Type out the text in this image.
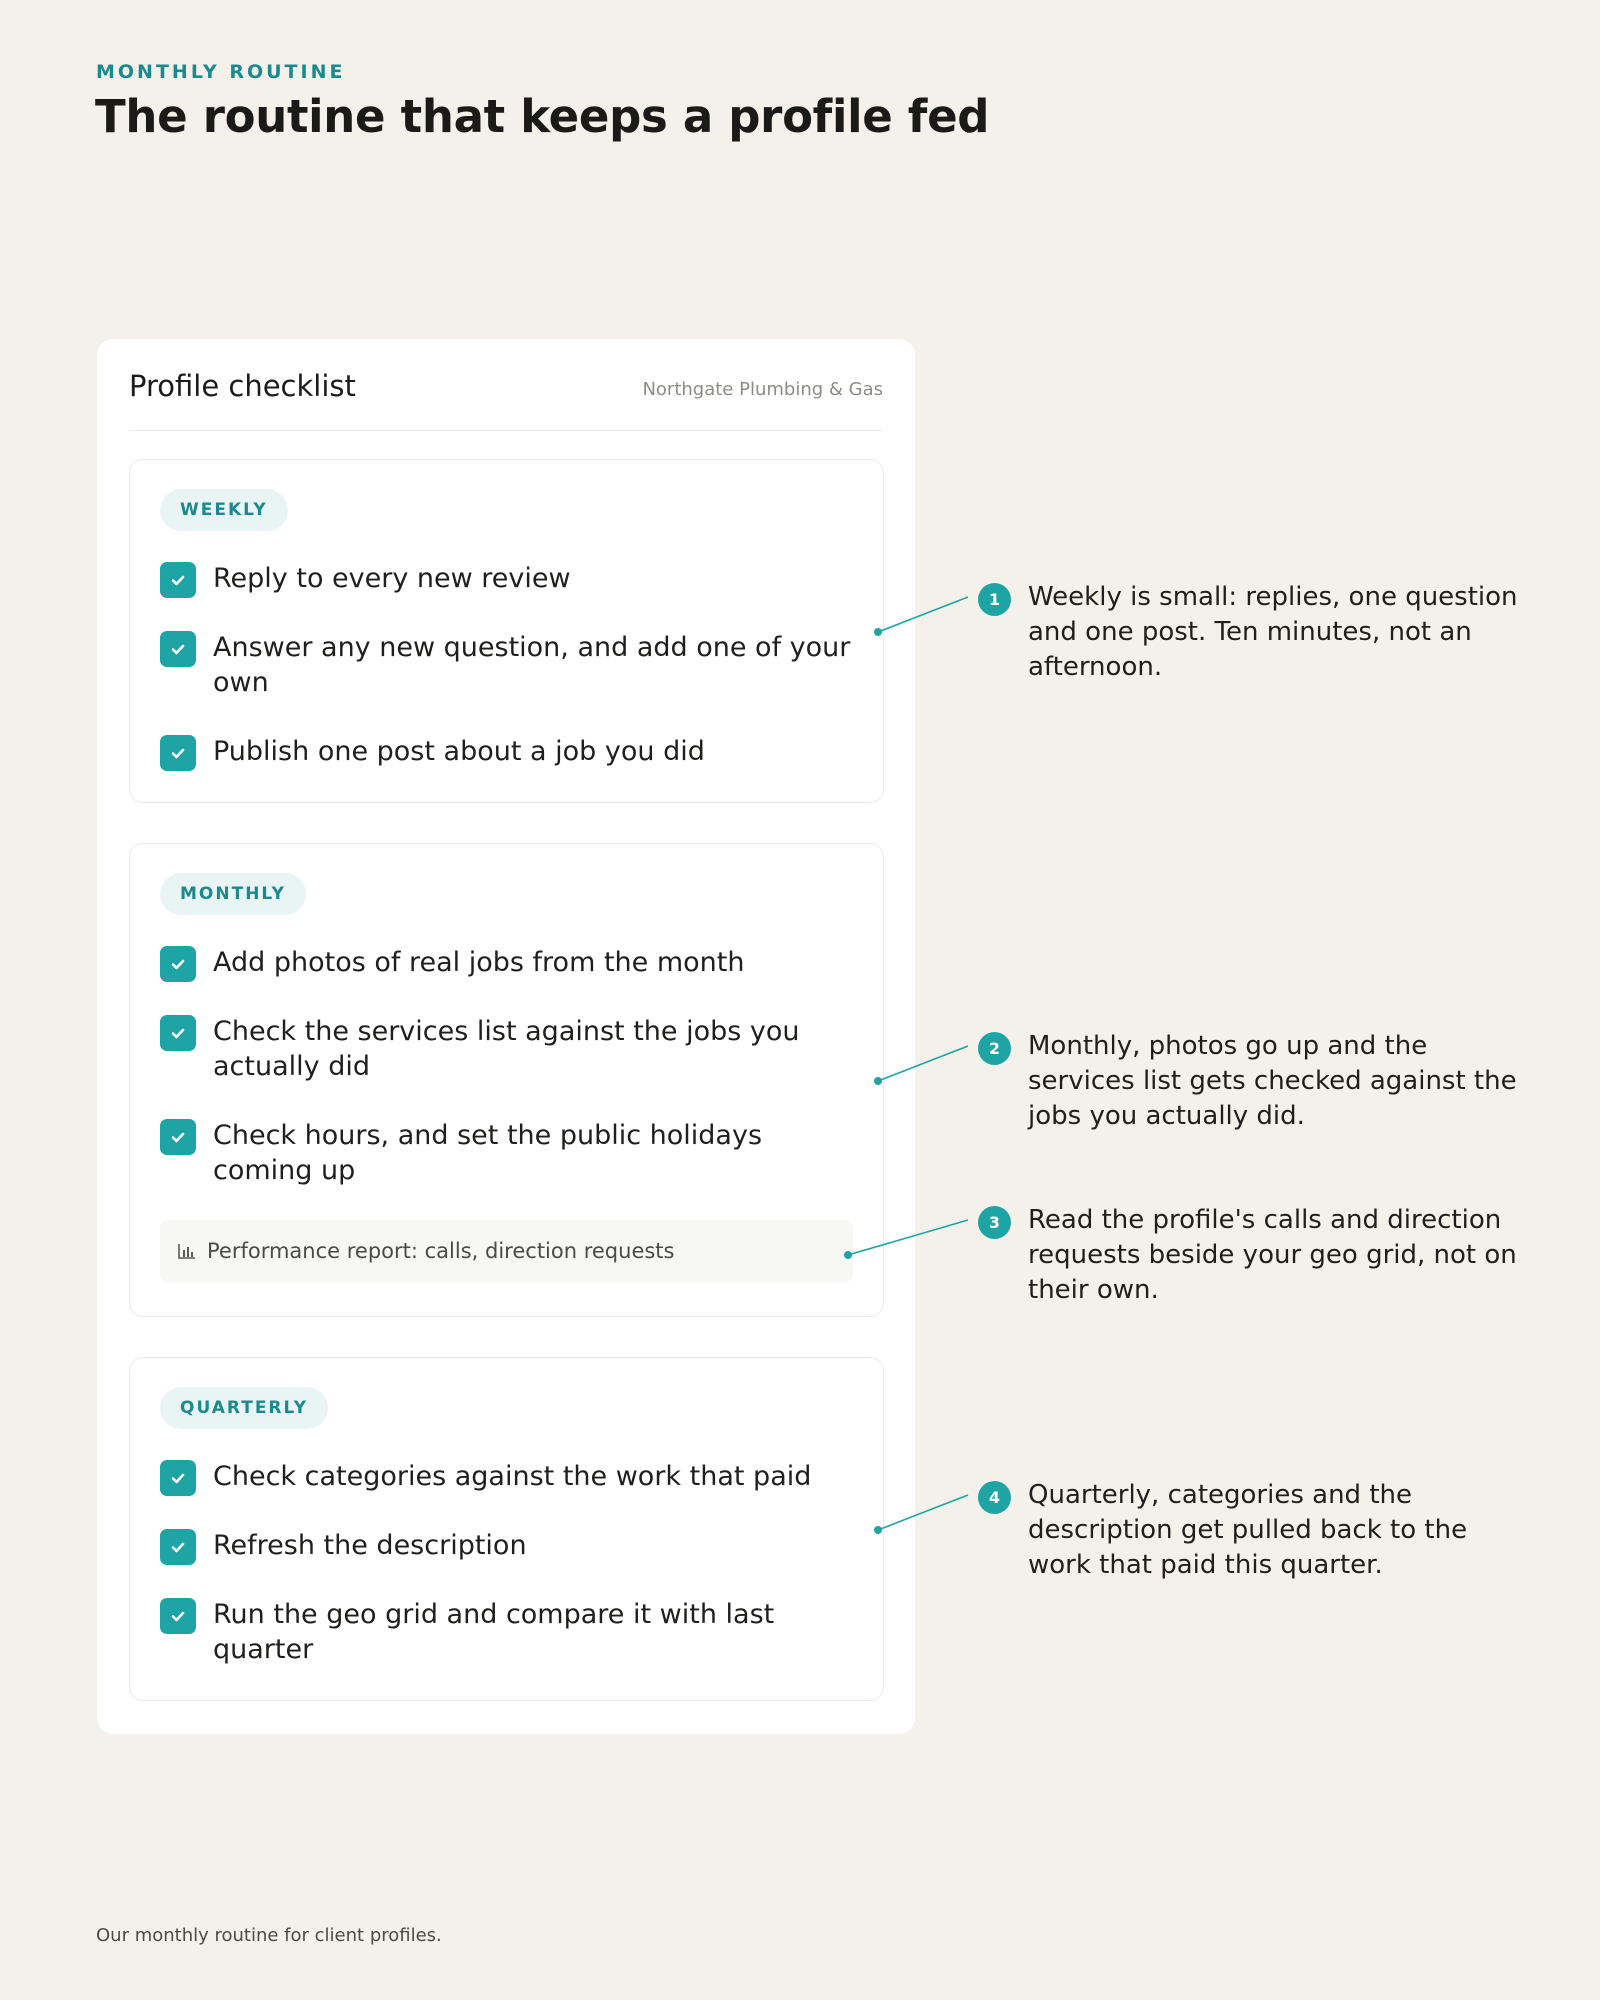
MONTHLY ROUTINE
The routine that keeps a profile fed
Profile checklist	Northgate Plumbing & Gas
WEEKLY
Reply to every new review
Answer any new question, and add one of your own
Publish one post about a job you did
MONTHLY
Add photos of real jobs from the month
Check the services list against the jobs you actually did
Check hours, and set the public holidays coming up
Performance report: calls, direction requests
QUARTERLY
Check categories against the work that paid
Refresh the description
Run the geo grid and compare it with last quarter
1	Weekly is small: replies, one question and one post. Ten minutes, not an afternoon.
2	Monthly, photos go up and the services list gets checked against the jobs you actually did.
3	Read the profile's calls and direction requests beside your geo grid, not on their own.
4	Quarterly, categories and the description get pulled back to the work that paid this quarter.
Our monthly routine for client profiles.
